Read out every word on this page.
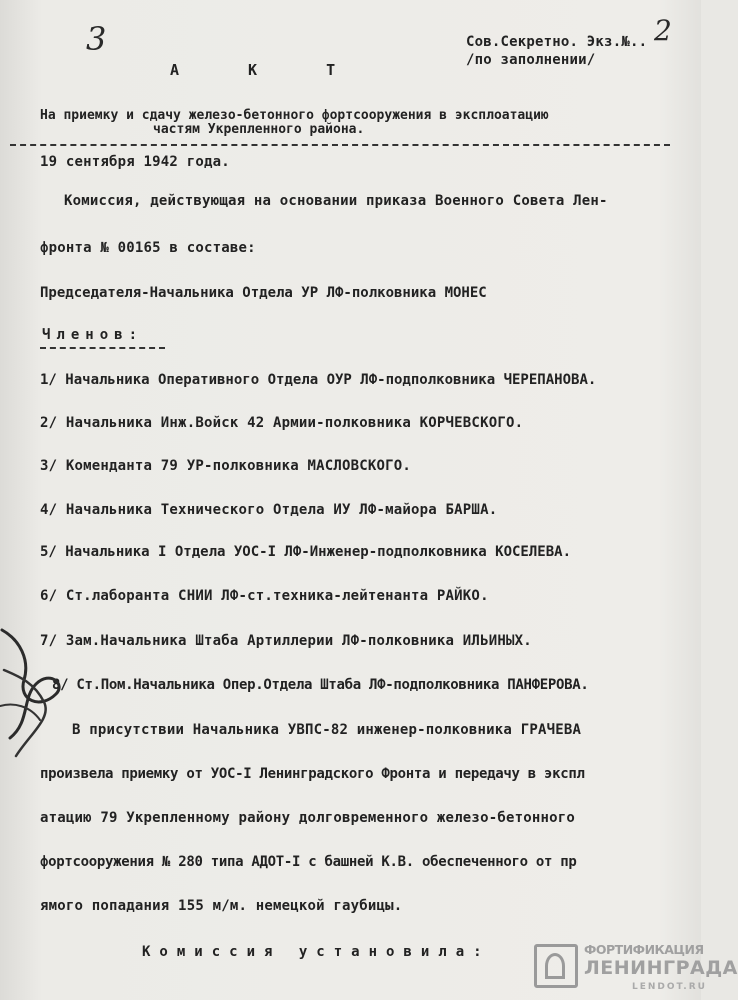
3	Сов.Секретно. Экз.№.. 2
/по заполнении/
А К Т
На приемку и сдачу железо-бетонного фортсооружения в эксплоатацию
частям Укрепленного района.
19 сентября 1942 года.
Комиссия, действующая на основании приказа Военного Совета Лен-
фронта № 00165 в составе:
Председателя-Начальника Отдела УР ЛФ-полковника МОНЕС
Членов:
1/ Начальника Оперативного Отдела ОУР ЛФ-подполковника ЧЕРЕПАНОВА.
2/ Начальника Инж.Войск 42 Армии-полковника КОРЧЕВСКОГО.
3/ Коменданта 79 УР-полковника МАСЛОВСКОГО.
4/ Начальника Технического Отдела ИУ ЛФ-майора БАРША.
5/ Начальника I Отдела УОС-I ЛФ-Инженер-подполковника КОСЕЛЕВА.
6/ Ст.лаборанта СНИИ ЛФ-ст.техника-лейтенанта РАЙКО.
7/ Зам.Начальника Штаба Артиллерии ЛФ-полковника ИЛЬИНЫХ.
8/ Ст.Пом.Начальника Опер.Отдела Штаба ЛФ-подполковника ПАНФЕРОВА.
В присутствии Начальника УВПС-82 инженер-полковника ГРАЧЕВА
произвела приемку от УОС-I Ленинградского Фронта и передачу в экспл
атацию 79 Укрепленному району долговременного железо-бетонного
фортсооружения № 280 типа АДОТ-I с башней К.В. обеспеченного от пр
ямого попадания 155 м/м. немецкой гаубицы.
Комиссия установила:	ФОРТИФИКАЦИЯ
ЛЕНИНГРАДА
LENDOT.RU
